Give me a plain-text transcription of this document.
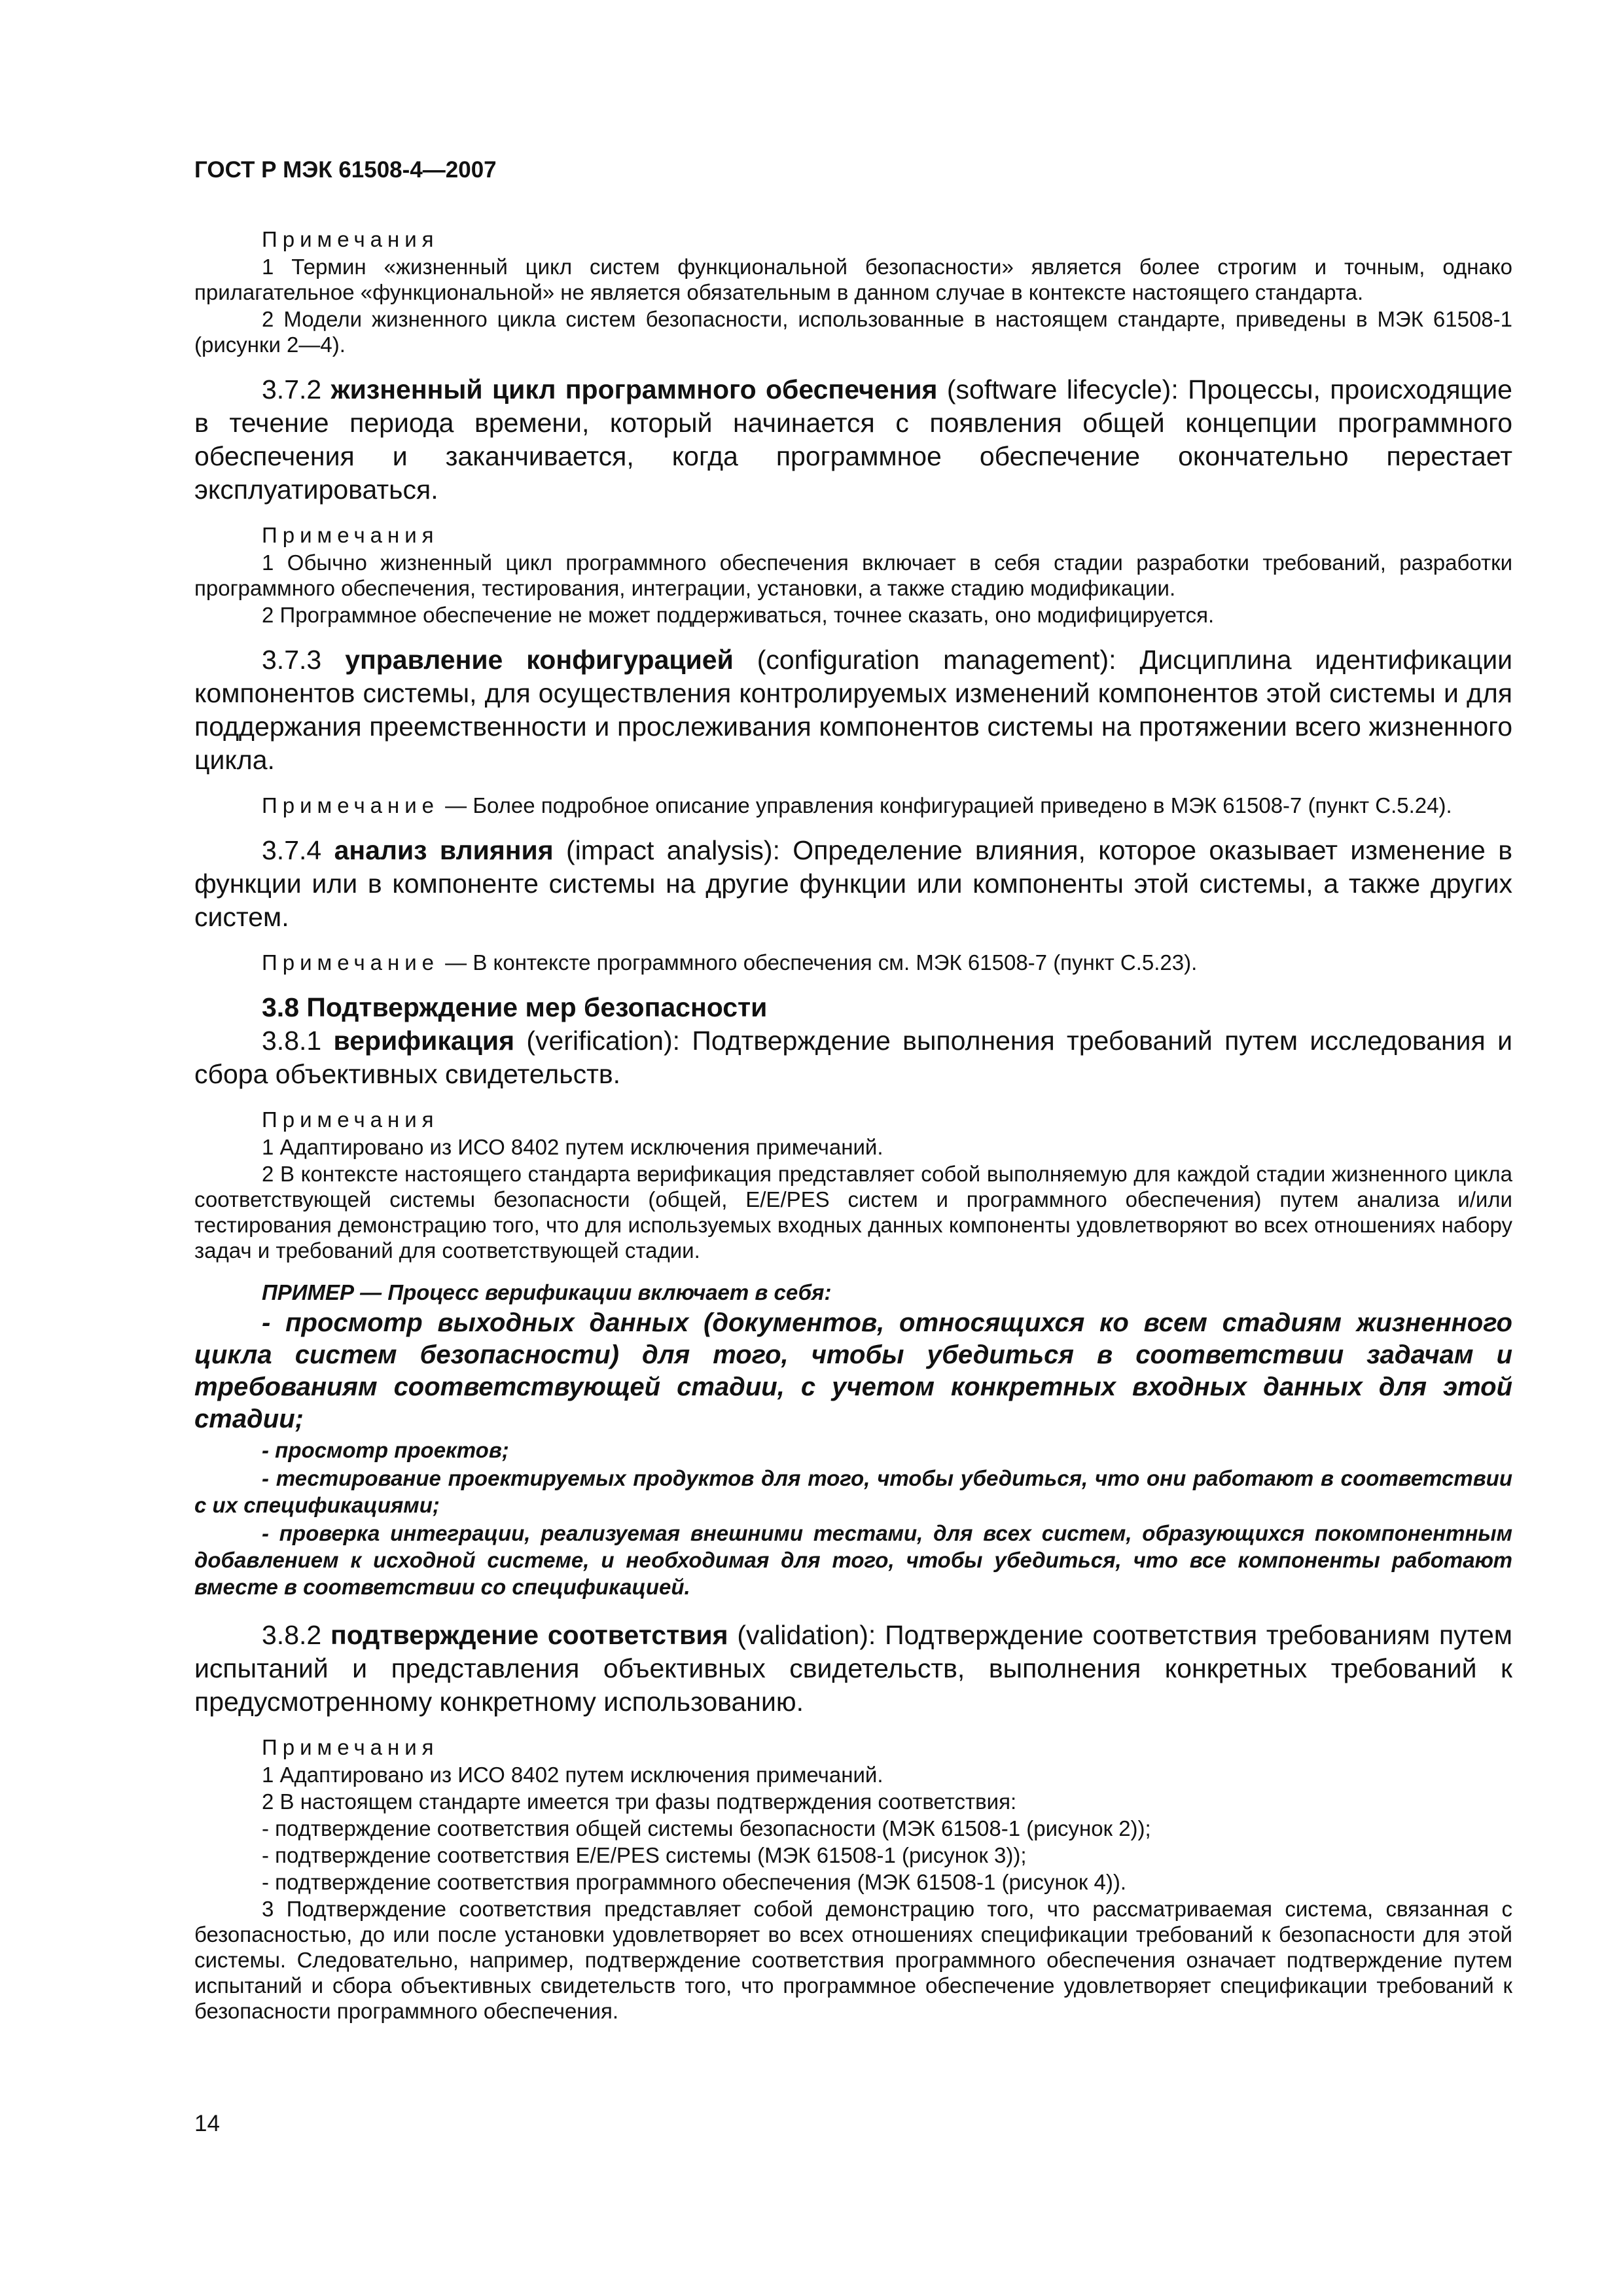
ГОСТ Р МЭК 61508-4—2007
Примечания

1 Термин «жизненный цикл систем функциональной безопасности» является более строгим и точным, однако прилагательное «функциональной» не является обязательным в данном случае в контексте настоящего стандарта.

2 Модели жизненного цикла систем безопасности, использованные в настоящем стандарте, приведены в МЭК 61508-1 (рисунки 2—4).

3.7.2 жизненный цикл программного обеспечения (software lifecycle): Процессы, происходящие в течение периода времени, который начинается с появления общей концепции программного обеспечения и заканчивается, когда программное обеспечение окончательно перестает эксплуатироваться.

Примечания

1 Обычно жизненный цикл программного обеспечения включает в себя стадии разработки требований, разработки программного обеспечения, тестирования, интеграции, установки, а также стадию модификации.

2 Программное обеспечение не может поддерживаться, точнее сказать, оно модифицируется.

3.7.3 управление конфигурацией (configuration management): Дисциплина идентификации компонентов системы, для осуществления контролируемых изменений компонентов этой системы и для поддержания преемственности и прослеживания компонентов системы на протяжении всего жизненного цикла.

Примечание — Более подробное описание управления конфигурацией приведено в МЭК 61508-7 (пункт С.5.24).

3.7.4 анализ влияния (impact analysis): Определение влияния, которое оказывает изменение в функции или в компоненте системы на другие функции или компоненты этой системы, а также других систем.

Примечание — В контексте программного обеспечения см. МЭК 61508-7 (пункт С.5.23).

3.8 Подтверждение мер безопасности

3.8.1 верификация (verification): Подтверждение выполнения требований путем исследования и сбора объективных свидетельств.

Примечания

1 Адаптировано из ИСО 8402 путем исключения примечаний.

2 В контексте настоящего стандарта верификация представляет собой выполняемую для каждой стадии жизненного цикла соответствующей системы безопасности (общей, E/E/PES систем и программного обеспечения) путем анализа и/или тестирования демонстрацию того, что для используемых входных данных компоненты удовлетворяют во всех отношениях набору задач и требований для соответствующей стадии.

ПРИМЕР — Процесс верификации включает в себя:

- просмотр выходных данных (документов, относящихся ко всем стадиям жизненного цикла систем безопасности) для того, чтобы убедиться в соответствии задачам и требованиям соответствующей стадии, с учетом конкретных входных данных для этой стадии;

- просмотр проектов;

- тестирование проектируемых продуктов для того, чтобы убедиться, что они работают в соответствии с их спецификациями;

- проверка интеграции, реализуемая внешними тестами, для всех систем, образующихся покомпонентным добавлением к исходной системе, и необходимая для того, чтобы убедиться, что все компоненты работают вместе в соответствии со спецификацией.

3.8.2 подтверждение соответствия (validation): Подтверждение соответствия требованиям путем испытаний и представления объективных свидетельств, выполнения конкретных требований к предусмотренному конкретному использованию.

Примечания

1 Адаптировано из ИСО 8402 путем исключения примечаний.

2 В настоящем стандарте имеется три фазы подтверждения соответствия:

- подтверждение соответствия общей системы безопасности (МЭК 61508-1 (рисунок 2));

- подтверждение соответствия E/E/PES системы (МЭК 61508-1 (рисунок 3));

- подтверждение соответствия программного обеспечения (МЭК 61508-1 (рисунок 4)).

3 Подтверждение соответствия представляет собой демонстрацию того, что рассматриваемая система, связанная с безопасностью, до или после установки удовлетворяет во всех отношениях спецификации требований к безопасности для этой системы. Следовательно, например, подтверждение соответствия программного обеспечения означает подтверждение путем испытаний и сбора объективных свидетельств того, что программное обеспечение удовлетворяет спецификации требований к безопасности программного обеспечения.

14
